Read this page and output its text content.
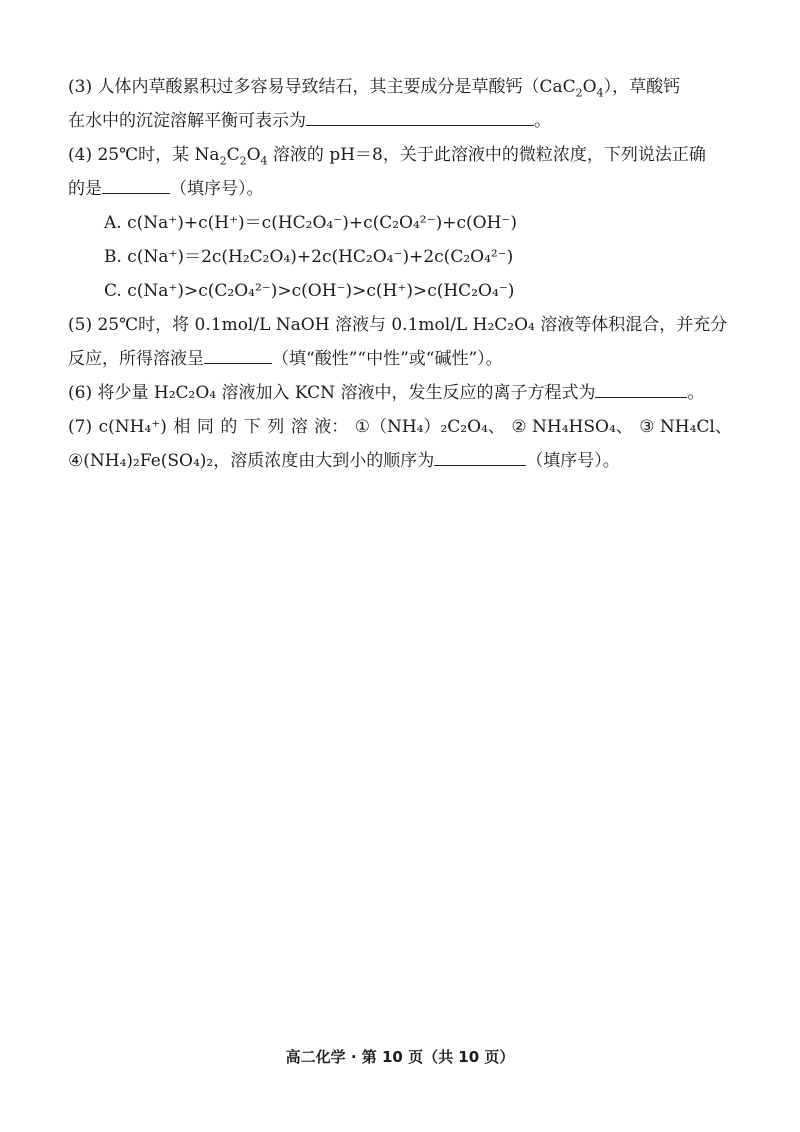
(3) 人体内草酸累积过多容易导致结石，其主要成分是草酸钙$(CaC_2O_4)$，草酸钙
在水中的沉淀溶解平衡可表示为	。
(4) 25℃时，某 $Na_2C_2O_4$ 溶液的 pH＝8，关于此溶液中的微粒浓度，下列说法正确
的是	（填序号）。
A. c(Na⁺)+c(H⁺)＝c(HC₂O₄⁻)+c(C₂O₄²⁻)+c(OH⁻)
B. c(Na⁺)＝2c(H₂C₂O₄)+2c(HC₂O₄⁻)+2c(C₂O₄²⁻)
C. c(Na⁺)>c(C₂O₄²⁻)>c(OH⁻)>c(H⁺)>c(HC₂O₄⁻)
(5) 25℃时，将 0.1mol/L NaOH 溶液与 0.1mol/L H₂C₂O₄ 溶液等体积混合，并充分
反应，所得溶液呈	（填“酸性”“中性”或“碱性”）。
(6) 将少量 H₂C₂O₄ 溶液加入 KCN 溶液中，发生反应的离子方程式为	。
(7) c(NH₄⁺) 相 同 的 下 列 溶 液： ①（NH₄）₂C₂O₄、 ② NH₄HSO₄、 ③ NH₄Cl、
④(NH₄)₂Fe(SO₄)₂，溶质浓度由大到小的顺序为	（填序号）。
高二化学 · 第 10 页（共 10 页）
